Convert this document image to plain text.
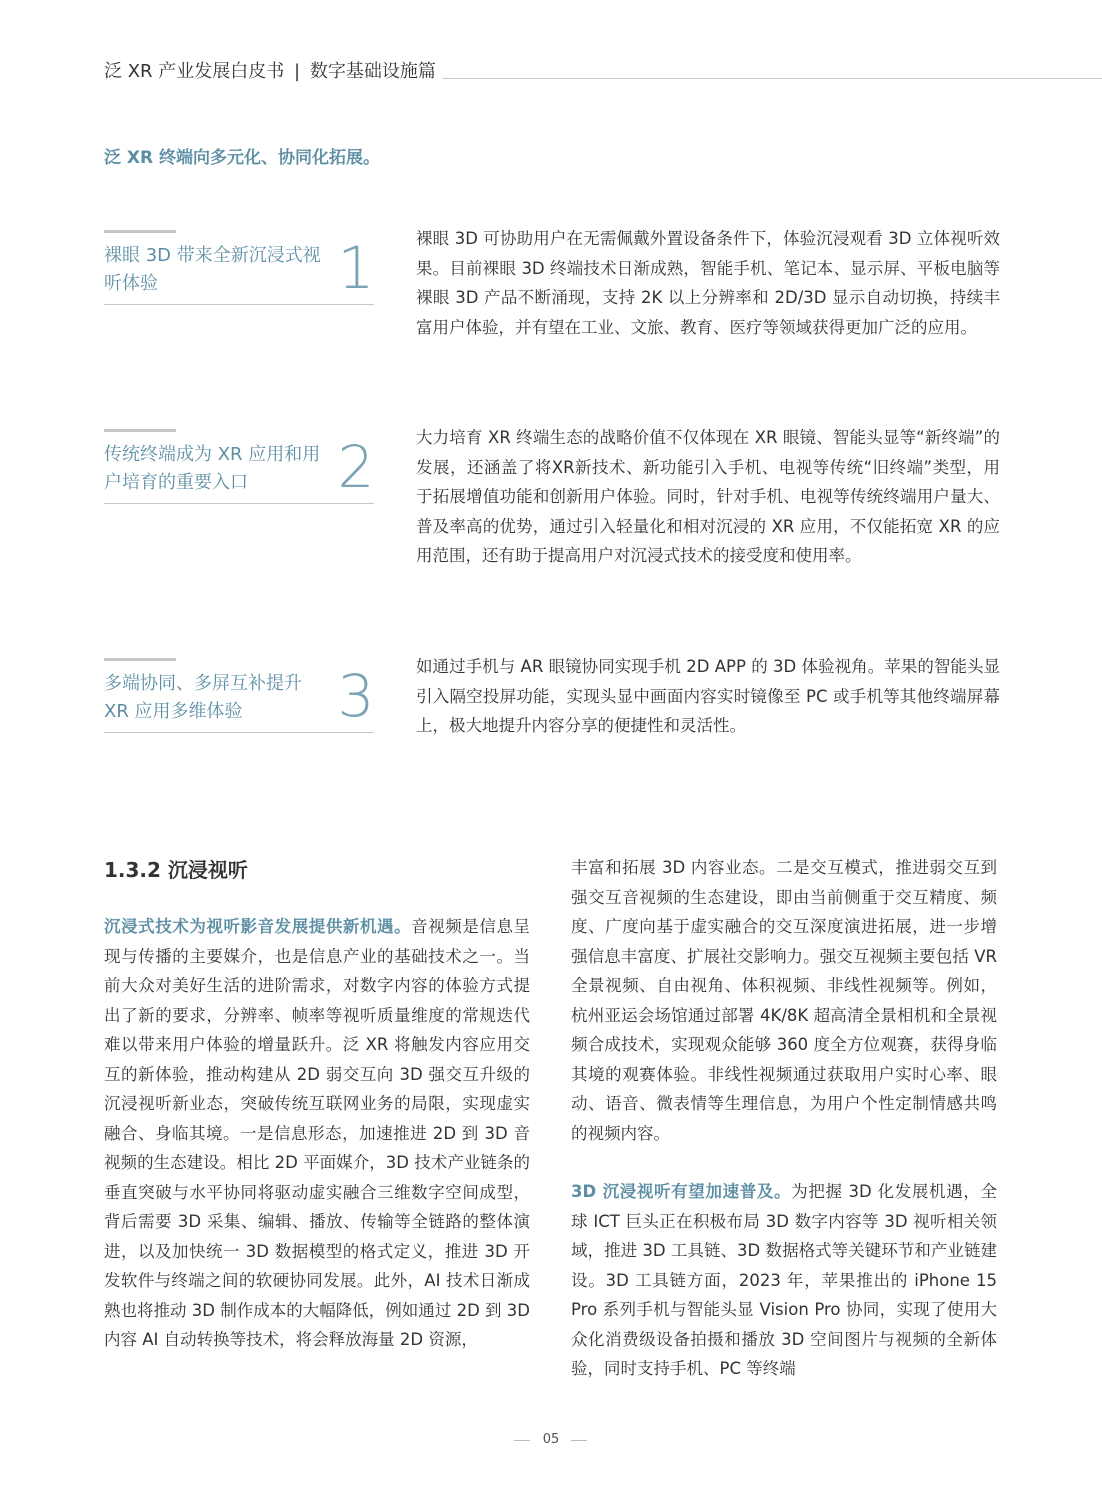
泛 XR 产业发展白皮书 | 数字基础设施篇
泛 XR 终端向多元化、协同化拓展。
裸眼 3D 带来全新沉浸式视听体验	1	裸眼 3D 可协助用户在无需佩戴外置设备条件下，体验沉浸观看 3D 立体视听效果。目前裸眼 3D 终端技术日渐成熟，智能手机、笔记本、显示屏、平板电脑等裸眼 3D 产品不断涌现，支持 2K 以上分辨率和 2D/3D 显示自动切换，持续丰富用户体验，并有望在工业、文旅、教育、医疗等领域获得更加广泛的应用。
传统终端成为 XR 应用和用户培育的重要入口	2	大力培育 XR 终端生态的战略价值不仅体现在 XR 眼镜、智能头显等“新终端”的发展，还涵盖了将XR新技术、新功能引入手机、电视等传统“旧终端”类型，用于拓展增值功能和创新用户体验。同时，针对手机、电视等传统终端用户量大、普及率高的优势，通过引入轻量化和相对沉浸的 XR 应用，不仅能拓宽 XR 的应用范围，还有助于提高用户对沉浸式技术的接受度和使用率。
多端协同、多屏互补提升 XR 应用多维体验	3	如通过手机与 AR 眼镜协同实现手机 2D APP 的 3D 体验视角。苹果的智能头显引入隔空投屏功能，实现头显中画面内容实时镜像至 PC 或手机等其他终端屏幕上，极大地提升内容分享的便捷性和灵活性。
1.3.2 沉浸视听

沉浸式技术为视听影音发展提供新机遇。音视频是信息呈现与传播的主要媒介，也是信息产业的基础技术之一。当前大众对美好生活的进阶需求，对数字内容的体验方式提出了新的要求，分辨率、帧率等视听质量维度的常规迭代难以带来用户体验的增量跃升。泛 XR 将触发内容应用交互的新体验，推动构建从 2D 弱交互向 3D 强交互升级的沉浸视听新业态，突破传统互联网业务的局限，实现虚实融合、身临其境。一是信息形态，加速推进 2D 到 3D 音视频的生态建设。相比 2D 平面媒介，3D 技术产业链条的垂直突破与水平协同将驱动虚实融合三维数字空间成型，背后需要 3D 采集、编辑、播放、传输等全链路的整体演进，以及加快统一 3D 数据模型的格式定义，推进 3D 开发软件与终端之间的软硬协同发展。此外，AI 技术日渐成熟也将推动 3D 制作成本的大幅降低，例如通过 2D 到 3D 内容 AI 自动转换等技术，将会释放海量 2D 资源，

丰富和拓展 3D 内容业态。二是交互模式，推进弱交互到强交互音视频的生态建设，即由当前侧重于交互精度、频度、广度向基于虚实融合的交互深度演进拓展，进一步增强信息丰富度、扩展社交影响力。强交互视频主要包括 VR 全景视频、自由视角、体积视频、非线性视频等。例如，杭州亚运会场馆通过部署 4K/8K 超高清全景相机和全景视频合成技术，实现观众能够 360 度全方位观赛，获得身临其境的观赛体验。非线性视频通过获取用户实时心率、眼动、语音、微表情等生理信息，为用户个性定制情感共鸣的视频内容。

3D 沉浸视听有望加速普及。为把握 3D 化发展机遇，全球 ICT 巨头正在积极布局 3D 数字内容等 3D 视听相关领域，推进 3D 工具链、3D 数据格式等关键环节和产业链建设。3D 工具链方面，2023 年，苹果推出的 iPhone 15 Pro 系列手机与智能头显 Vision Pro 协同，实现了使用大众化消费级设备拍摄和播放 3D 空间图片与视频的全新体验，同时支持手机、PC 等终端

05
